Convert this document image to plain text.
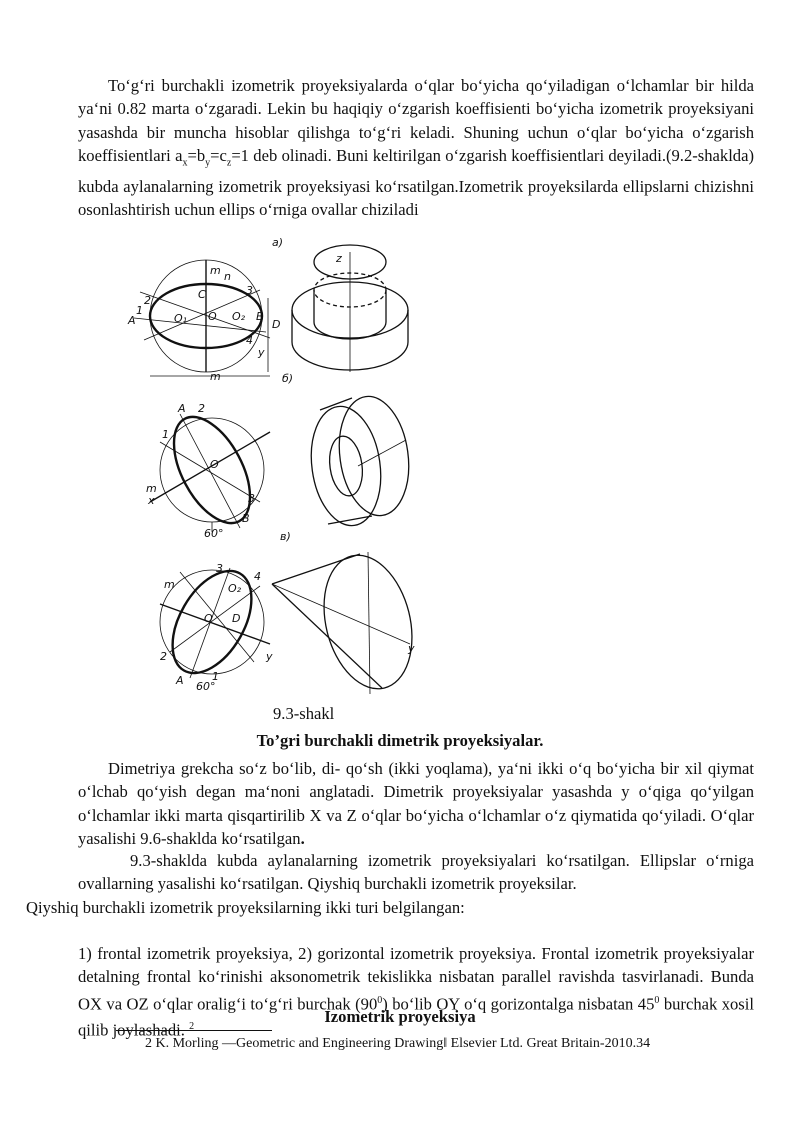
To‘g‘ri burchakli izometrik proyeksiyalarda o‘qlar bo‘yicha qo‘yiladigan o‘lchamlar bir hilda ya‘ni 0.82 marta o‘zgaradi. Lekin bu haqiqiy o‘zgarish koeffisienti bo‘yicha izometrik proyeksiyani yasashda bir muncha hisoblar qilishga to‘g‘ri keladi. Shuning uchun o‘qlar bo‘yicha o‘zgarish koeffisientlari $a_x=b_y=c_z=1$ deb olinadi. Buni keltirilgan o‘zgarish koeffisientlari deyiladi.(9.2-shaklda) kubda aylanalarning izometrik proyeksiyasi ko‘rsatilgan.Izometrik proyeksilarda ellipslarni chizishni osonlashtirish uchun ellips o‘rniga ovallar chiziladi

a)
б)
в)
60°
60°
z
y
y
y
m
m
m
m
x
D
D
1
2
3
4
A	B
C
O
O₁	O₂
n
1
A 2
3
B
O
3
2
1
A
O
O₂
4
9.3-shakl
To’gri burchakli dimetrik proyeksiyalar.

Dimetriya grekcha so‘z bo‘lib, di- qo‘sh (ikki yoqlama), ya‘ni ikki o‘q bo‘yicha bir xil qiymat o‘lchab qo‘yish degan ma‘noni anglatadi. Dimetrik proyeksiyalar yasashda y o‘qiga qo‘yilgan o‘lchamlar ikki marta qisqartirilib X va Z o‘qlar bo‘yicha o‘lchamlar o‘z qiymatida qo‘yiladi. O‘qlar yasalishi 9.6-shaklda ko‘rsatilgan.

9.3-shaklda kubda aylanalarning izometrik proyeksiyalari ko‘rsatilgan. Ellipslar o‘rniga ovallarning yasalishi ko‘rsatilgan. Qiyshiq burchakli izometrik proyeksilar.
Qiyshiq burchakli izometrik proyeksilarning ikki turi belgilangan:

1) frontal izometrik proyeksiya, 2) gorizontal izometrik proyeksiya. Frontal izometrik proyeksiyalar detalning frontal ko‘rinishi aksonometrik tekislikka nisbatan parallel ravishda tasvirlanadi. Bunda OX va OZ o‘qlar oralig‘i to‘g‘ri burchak $(90^0)$ bo‘lib OY o‘q gorizontalga nisbatan $45^0$ burchak xosil qilib joylashadi. $^2$

Izometrik proyeksiya
2 K. Morling ―Geometric and Engineering Drawing‖ Elsevier Ltd. Great Britain-2010.34
